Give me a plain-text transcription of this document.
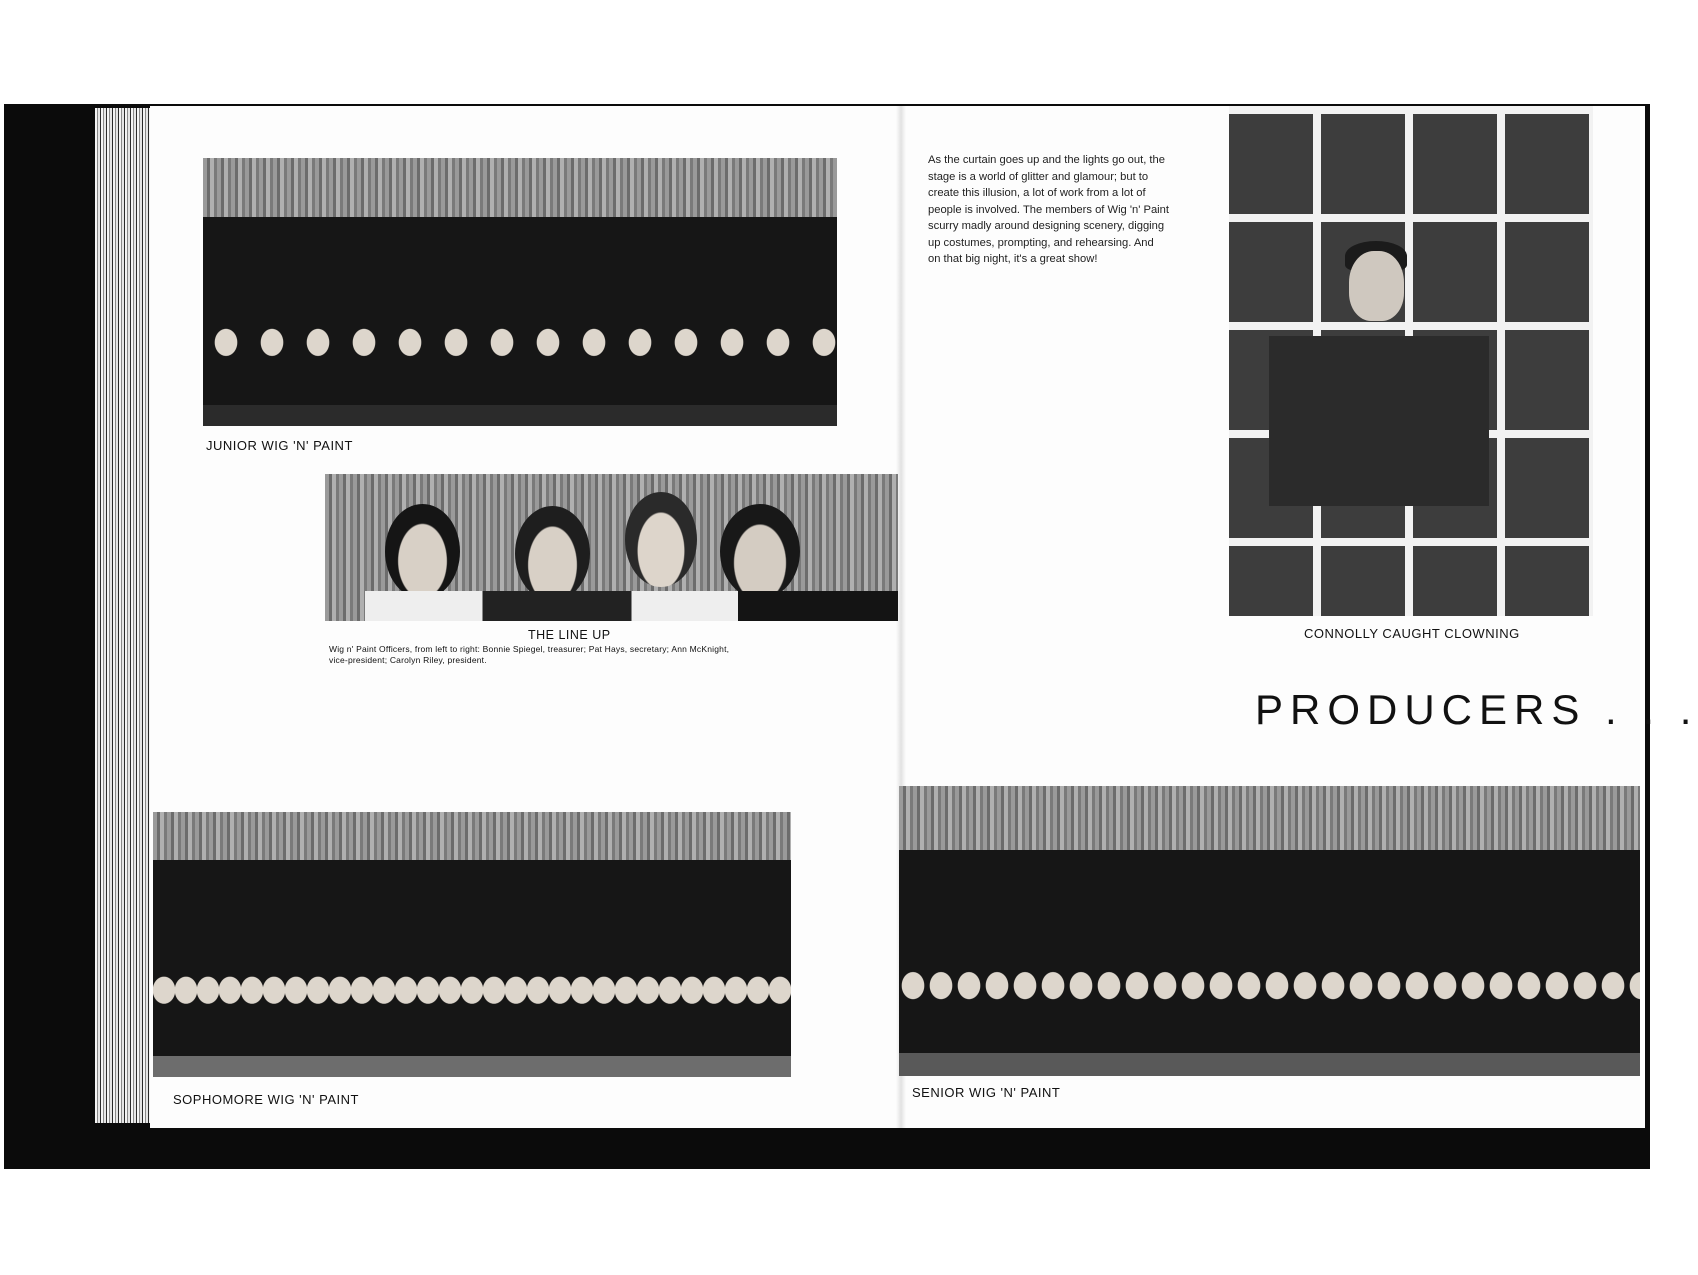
JUNIOR WIG 'N' PAINT
THE LINE UP
Wig n' Paint Officers, from left to right: Bonnie Spiegel, treasurer; Pat Hays, secretary; Ann McKnight,
vice-president; Carolyn Riley, president.
SOPHOMORE WIG 'N' PAINT
As the curtain goes up and the lights go out, the
stage is a world of glitter and glamour; but to
create this illusion, a lot of work from a lot of
people is involved. The members of Wig 'n' Paint
scurry madly around designing scenery, digging
up costumes, prompting, and rehearsing. And
on that big night, it's a great show!
CONNOLLY CAUGHT CLOWNING
PRODUCERS . . .
SENIOR WIG 'N' PAINT
